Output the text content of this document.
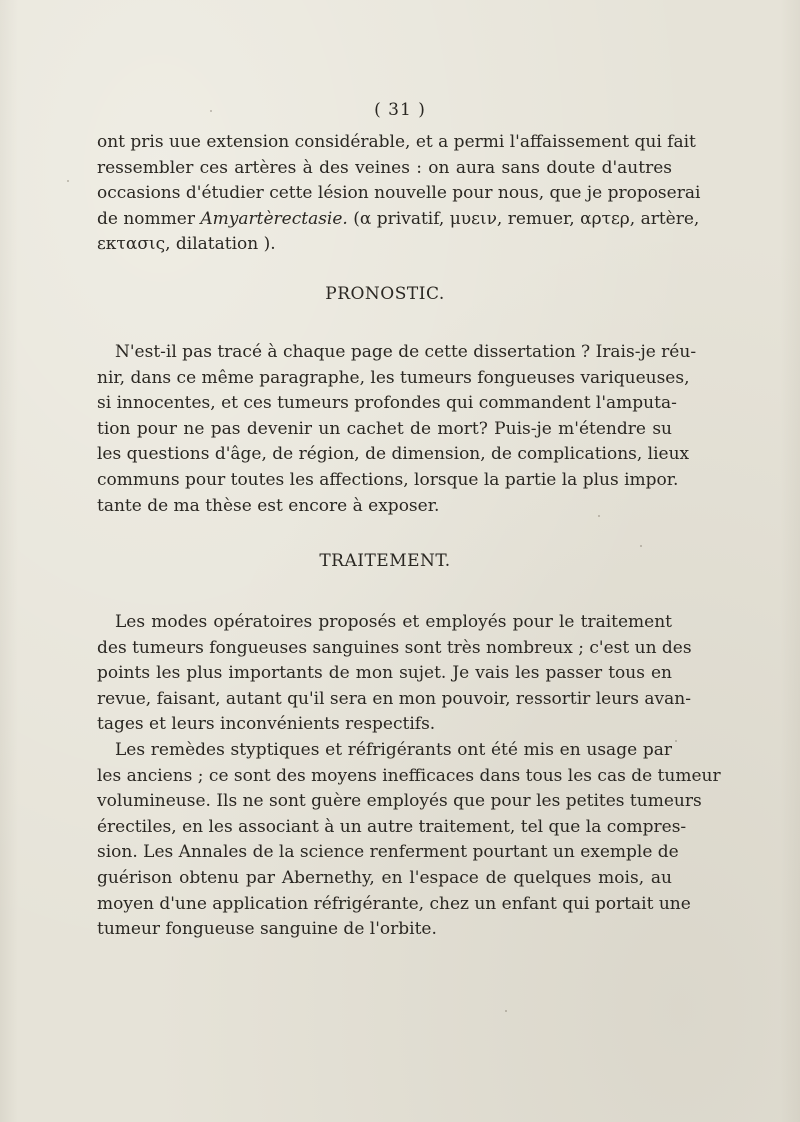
( 31 )
ont pris uue extension considérable, et a permi l'affaissement qui fait
ressembler ces artères à des veines : on aura sans doute d'autres
occasions d'étudier cette lésion nouvelle pour nous, que je proposerai
de nommer Amyartèrectasie. (α privatif, μυειν, remuer, αρτερ, artère,
εκτασις, dilatation ).
PRONOSTIC.
N'est-il pas tracé à chaque page de cette dissertation ? Irais-je réu-
nir, dans ce même paragraphe, les tumeurs fongueuses variqueuses,
si innocentes, et ces tumeurs profondes qui commandent l'amputa-
tion pour ne pas devenir un cachet de mort? Puis-je m'étendre su
les questions d'âge, de région, de dimension, de complications, lieux
communs pour toutes les affections, lorsque la partie la plus impor.
tante de ma thèse est encore à exposer.
TRAITEMENT.
Les modes opératoires proposés et employés pour le traitement
des tumeurs fongueuses sanguines sont très nombreux ; c'est un des
points les plus importants de mon sujet. Je vais les passer tous en
revue, faisant, autant qu'il sera en mon pouvoir, ressortir leurs avan-
tages et leurs inconvénients respectifs.
Les remèdes styptiques et réfrigérants ont été mis en usage par
les anciens ; ce sont des moyens inefficaces dans tous les cas de tumeur
volumineuse. Ils ne sont guère employés que pour les petites tumeurs
érectiles, en les associant à un autre traitement, tel que la compres-
sion. Les Annales de la science renferment pourtant un exemple de
guérison obtenu par Abernethy, en l'espace de quelques mois, au
moyen d'une application réfrigérante, chez un enfant qui portait une
tumeur fongueuse sanguine de l'orbite.
